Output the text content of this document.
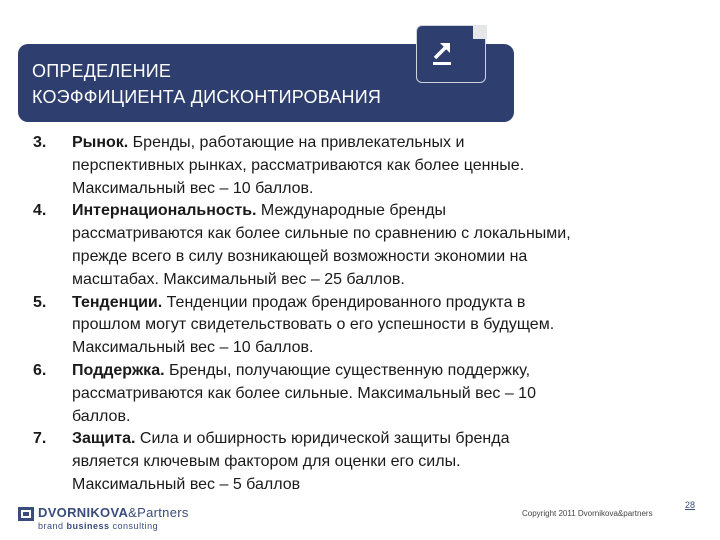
ОПРЕДЕЛЕНИЕ
КОЭФФИЦИЕНТА ДИСКОНТИРОВАНИЯ
3.	Рынок. Бренды, работающие на привлекательных и
перспективных рынках, рассматриваются как более ценные.
Максимальный вес – 10 баллов.
4.	Интернациональность. Международные бренды
рассматриваются как более сильные по сравнению с локальными,
прежде всего в силу возникающей возможности экономии на
масштабах. Максимальный вес – 25 баллов.
5.	Тенденции. Тенденции продаж брендированного продукта в
прошлом могут свидетельствовать о его успешности в будущем.
Максимальный вес – 10 баллов.
6.	Поддержка. Бренды, получающие существенную поддержку,
рассматриваются как более сильные. Максимальный вес – 10
баллов.
7.	Защита. Сила и обширность юридической защиты бренда
является ключевым фактором для оценки его силы.
Максимальный вес – 5 баллов
DVORNIKOVA&Partners
brand business consulting
Copyright 2011 Dvornikova&partners
28
